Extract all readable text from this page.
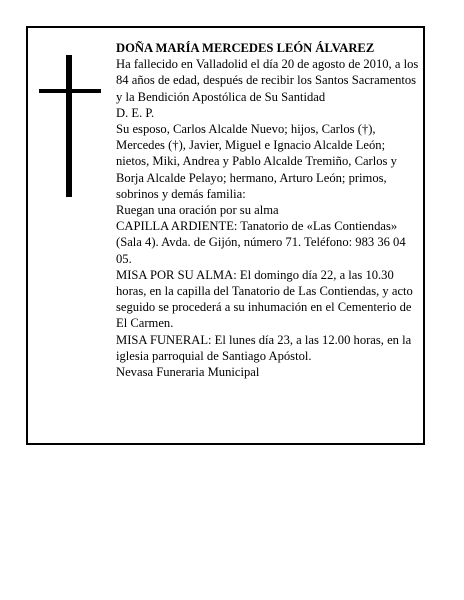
DOÑA MARÍA MERCEDES LEÓN ÁLVAREZ

Ha fallecido en Valladolid el día 20 de agosto de 2010, a los 84 años de edad, después de recibir los Santos Sacramentos y la Bendición Apostólica de Su Santidad

D. E. P.

Su esposo, Carlos Alcalde Nuevo; hijos, Carlos (†), Mercedes (†), Javier, Miguel e Ignacio Alcalde León; nietos, Miki, Andrea y Pablo Alcalde Tremiño, Carlos y Borja Alcalde Pelayo; hermano, Arturo León; primos, sobrinos y demás familia:

Ruegan una oración por su alma

CAPILLA ARDIENTE: Tanatorio de «Las Contiendas» (Sala 4). Avda. de Gijón, número 71. Teléfono: 983 36 04 05.

MISA POR SU ALMA: El domingo día 22, a las 10.30 horas, en la capilla del Tanatorio de Las Contiendas, y acto seguido se procederá a su inhumación en el Cementerio de El Carmen.

MISA FUNERAL: El lunes día 23, a las 12.00 horas, en la iglesia parroquial de Santiago Apóstol.

Nevasa Funeraria Municipal
